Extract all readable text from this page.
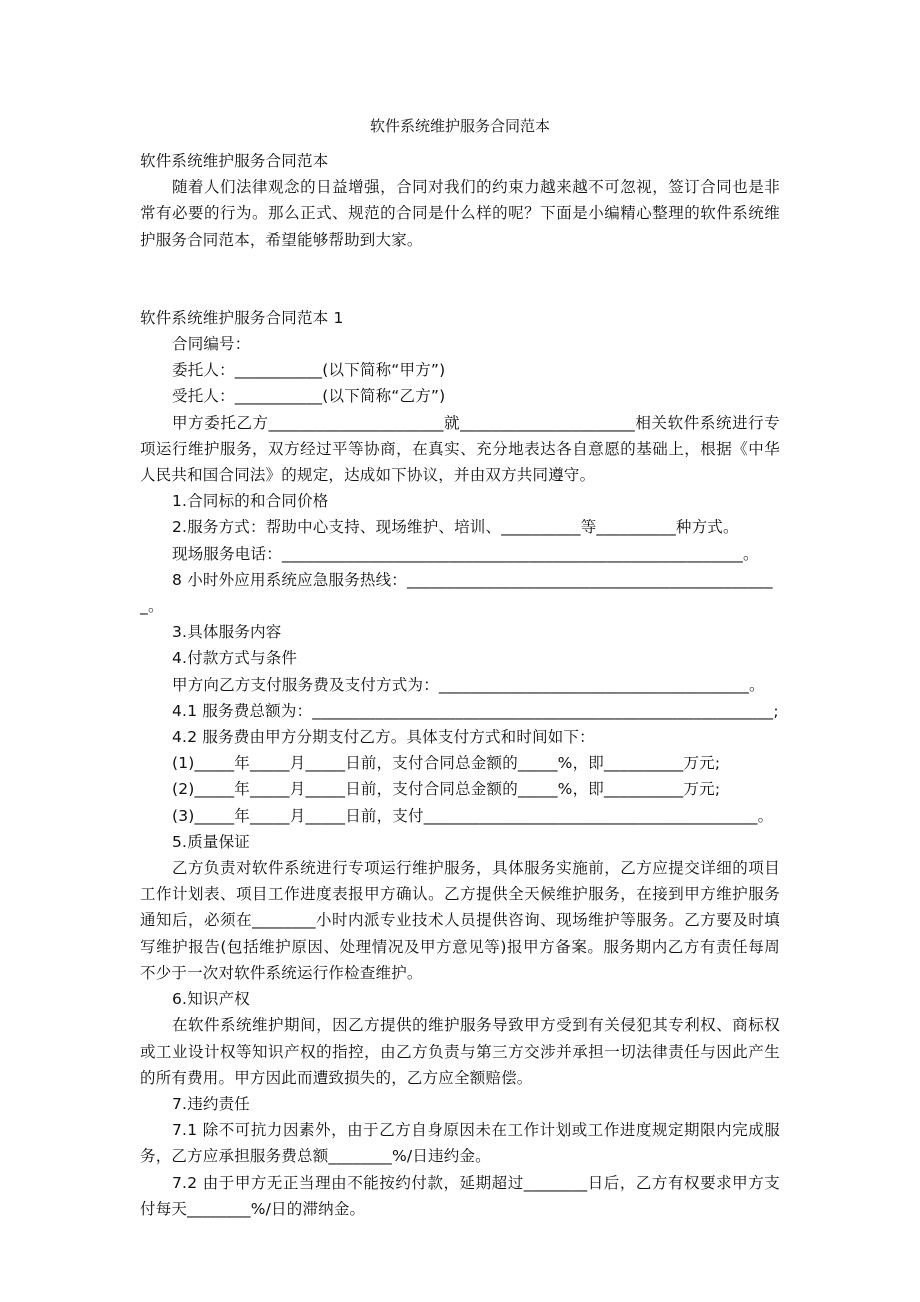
软件系统维护服务合同范本

软件系统维护服务合同范本

随着人们法律观念的日益增强，合同对我们的约束力越来越不可忽视，签订合同也是非常有必要的行为。那么正式、规范的合同是什么样的呢？下面是小编精心整理的软件系统维护服务合同范本，希望能够帮助到大家。

软件系统维护服务合同范本 1

合同编号：

委托人：___________(以下简称“甲方”)

受托人：___________(以下简称“乙方”)

甲方委托乙方______________________就______________________相关软件系统进行专项运行维护服务，双方经过平等协商，在真实、充分地表达各自意愿的基础上，根据《中华人民共和国合同法》的规定，达成如下协议，并由双方共同遵守。

1.合同标的和合同价格

2.服务方式：帮助中心支持、现场维护、培训、__________等__________种方式。

现场服务电话：__________________________________________________________。

8 小时外应用系统应急服务热线：_______________________________________________。

3.具体服务内容

4.付款方式与条件

甲方向乙方支付服务费及支付方式为：_______________________________________。

4.1 服务费总额为：__________________________________________________________;

4.2 服务费由甲方分期支付乙方。具体支付方式和时间如下：

(1)_____年_____月_____日前，支付合同总金额的_____%，即__________万元;

(2)_____年_____月_____日前，支付合同总金额的_____%，即__________万元;

(3)_____年_____月_____日前，支付__________________________________________。

5.质量保证

乙方负责对软件系统进行专项运行维护服务，具体服务实施前，乙方应提交详细的项目工作计划表、项目工作进度表报甲方确认。乙方提供全天候维护服务，在接到甲方维护服务通知后，必须在________小时内派专业技术人员提供咨询、现场维护等服务。乙方要及时填写维护报告(包括维护原因、处理情况及甲方意见等)报甲方备案。服务期内乙方有责任每周不少于一次对软件系统运行作检查维护。

6.知识产权

在软件系统维护期间，因乙方提供的维护服务导致甲方受到有关侵犯其专利权、商标权或工业设计权等知识产权的指控，由乙方负责与第三方交涉并承担一切法律责任与因此产生的所有费用。甲方因此而遭致损失的，乙方应全额赔偿。

7.违约责任

7.1 除不可抗力因素外，由于乙方自身原因未在工作计划或工作进度规定期限内完成服务，乙方应承担服务费总额________%/日违约金。

7.2 由于甲方无正当理由不能按约付款，延期超过________日后，乙方有权要求甲方支付每天________%/日的滞纳金。
